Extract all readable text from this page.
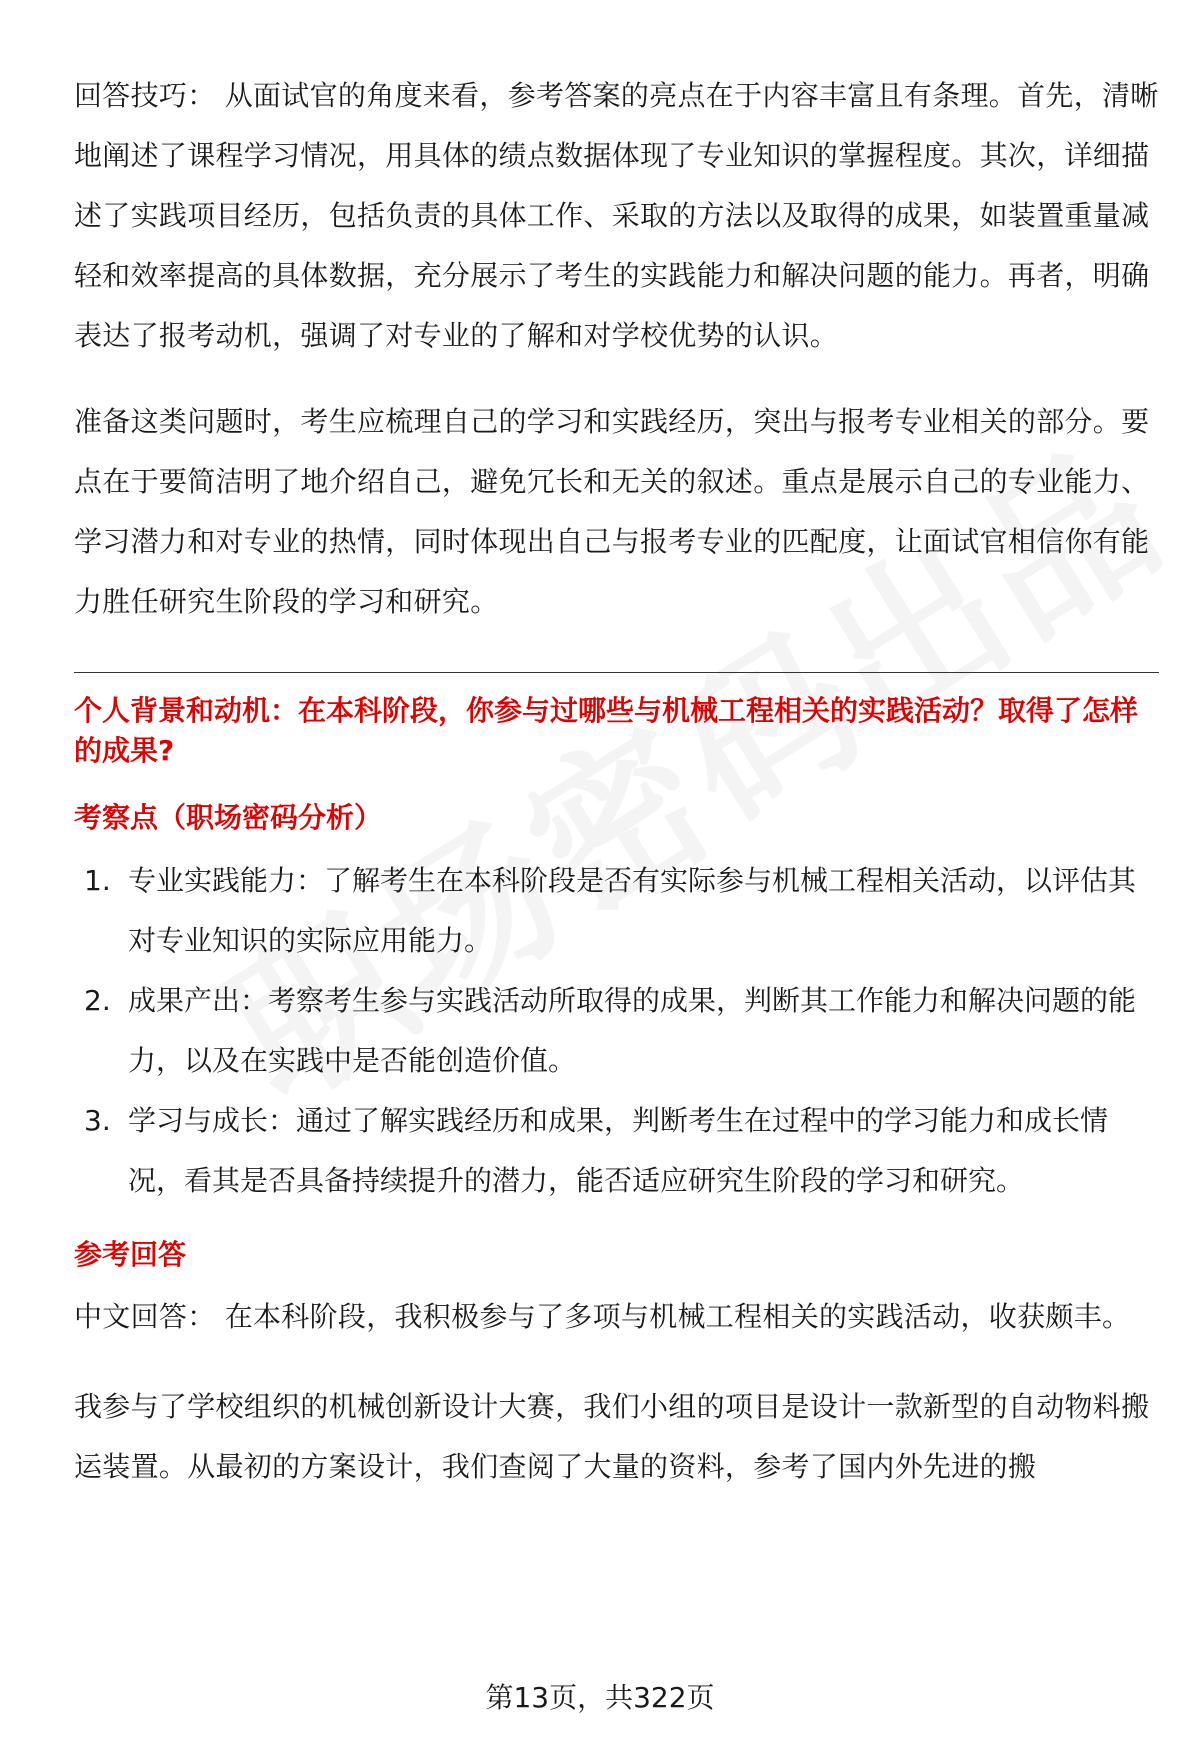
回答技巧： 从面试官的角度来看，参考答案的亮点在于内容丰富且有条理。首先，清晰地阐述了课程学习情况，用具体的绩点数据体现了专业知识的掌握程度。其次，详细描述了实践项目经历，包括负责的具体工作、采取的方法以及取得的成果，如装置重量减轻和效率提高的具体数据，充分展示了考生的实践能力和解决问题的能力。再者，明确表达了报考动机，强调了对专业的了解和对学校优势的认识。

准备这类问题时，考生应梳理自己的学习和实践经历，突出与报考专业相关的部分。要点在于要简洁明了地介绍自己，避免冗长和无关的叙述。重点是展示自己的专业能力、学习潜力和对专业的热情，同时体现出自己与报考专业的匹配度，让面试官相信你有能力胜任研究生阶段的学习和研究。

个人背景和动机：在本科阶段，你参与过哪些与机械工程相关的实践活动？取得了怎样的成果?
考察点（职场密码分析）
1. 专业实践能力：了解考生在本科阶段是否有实际参与机械工程相关活动，以评估其对专业知识的实际应用能力。
2. 成果产出：考察考生参与实践活动所取得的成果，判断其工作能力和解决问题的能力，以及在实践中是否能创造价值。
3. 学习与成长：通过了解实践经历和成果，判断考生在过程中的学习能力和成长情况，看其是否具备持续提升的潜力，能否适应研究生阶段的学习和研究。
参考回答

中文回答： 在本科阶段，我积极参与了多项与机械工程相关的实践活动，收获颇丰。

我参与了学校组织的机械创新设计大赛，我们小组的项目是设计一款新型的自动物料搬运装置。从最初的方案设计，我们查阅了大量的资料，参考了国内外先进的搬

第13页，共322页
